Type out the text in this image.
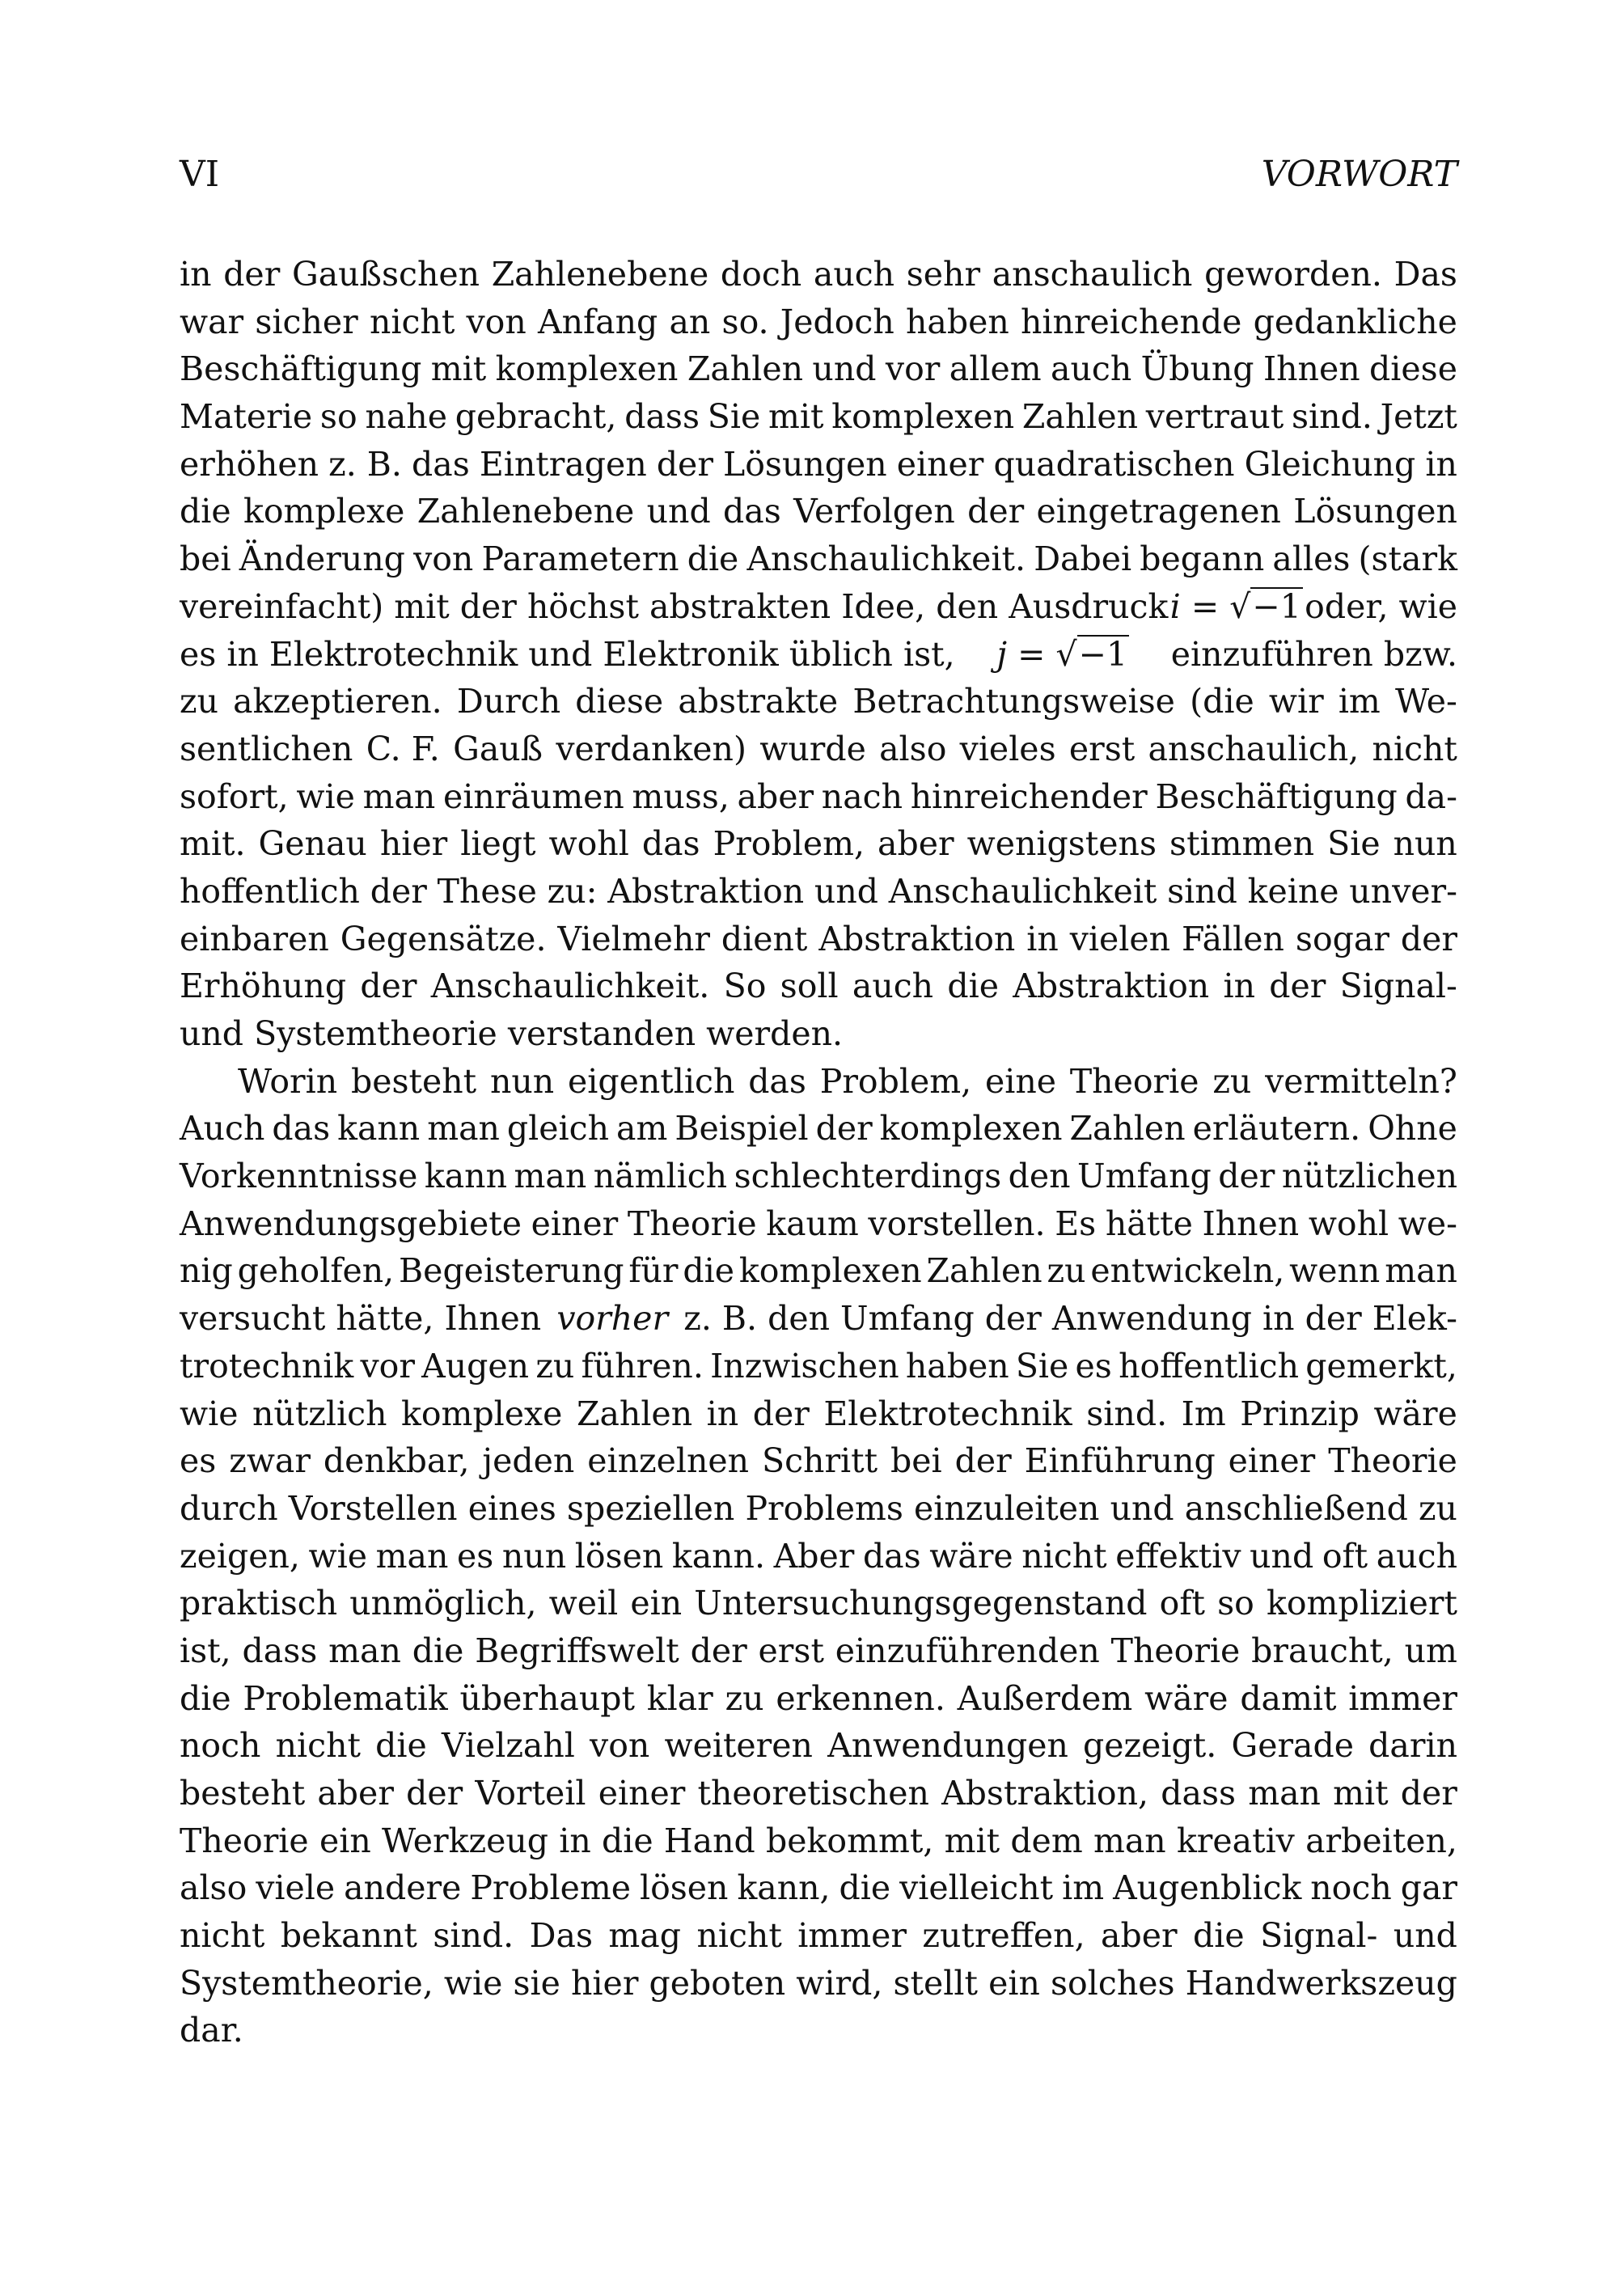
VI	VORWORT
in der Gaußschen Zahlenebene doch auch sehr anschaulich geworden. Das
war sicher nicht von Anfang an so. Jedoch haben hinreichende gedankliche
Beschäftigung mit komplexen Zahlen und vor allem auch Übung Ihnen diese
Materie so nahe gebracht, dass Sie mit komplexen Zahlen vertraut sind. Jetzt
erhöhen z. B. das Eintragen der Lösungen einer quadratischen Gleichung in
die komplexe Zahlenebene und das Verfolgen der eingetragenen Lösungen
bei Änderung von Parametern die Anschaulichkeit. Dabei begann alles (stark
vereinfacht) mit der höchst abstrakten Idee, den Ausdruck i = √−1 oder, wie
es in Elektrotechnik und Elektronik üblich ist, j = √−1 einzuführen bzw.
zu akzeptieren. Durch diese abstrakte Betrachtungsweise (die wir im We-
sentlichen C. F. Gauß verdanken) wurde also vieles erst anschaulich, nicht
sofort, wie man einräumen muss, aber nach hinreichender Beschäftigung da-
mit. Genau hier liegt wohl das Problem, aber wenigstens stimmen Sie nun
hoffentlich der These zu: Abstraktion und Anschaulichkeit sind keine unver-
einbaren Gegensätze. Vielmehr dient Abstraktion in vielen Fällen sogar der
Erhöhung der Anschaulichkeit. So soll auch die Abstraktion in der Signal-
und Systemtheorie verstanden werden.
Worin besteht nun eigentlich das Problem, eine Theorie zu vermitteln?
Auch das kann man gleich am Beispiel der komplexen Zahlen erläutern. Ohne
Vorkenntnisse kann man nämlich schlechterdings den Umfang der nützlichen
Anwendungsgebiete einer Theorie kaum vorstellen. Es hätte Ihnen wohl we-
nig geholfen, Begeisterung für die komplexen Zahlen zu entwickeln, wenn man
versucht hätte, Ihnen vorher z. B. den Umfang der Anwendung in der Elek-
trotechnik vor Augen zu führen. Inzwischen haben Sie es hoffentlich gemerkt,
wie nützlich komplexe Zahlen in der Elektrotechnik sind. Im Prinzip wäre
es zwar denkbar, jeden einzelnen Schritt bei der Einführung einer Theorie
durch Vorstellen eines speziellen Problems einzuleiten und anschließend zu
zeigen, wie man es nun lösen kann. Aber das wäre nicht effektiv und oft auch
praktisch unmöglich, weil ein Untersuchungsgegenstand oft so kompliziert
ist, dass man die Begriffswelt der erst einzuführenden Theorie braucht, um
die Problematik überhaupt klar zu erkennen. Außerdem wäre damit immer
noch nicht die Vielzahl von weiteren Anwendungen gezeigt. Gerade darin
besteht aber der Vorteil einer theoretischen Abstraktion, dass man mit der
Theorie ein Werkzeug in die Hand bekommt, mit dem man kreativ arbeiten,
also viele andere Probleme lösen kann, die vielleicht im Augenblick noch gar
nicht bekannt sind. Das mag nicht immer zutreffen, aber die Signal- und
Systemtheorie, wie sie hier geboten wird, stellt ein solches Handwerkszeug
dar.
